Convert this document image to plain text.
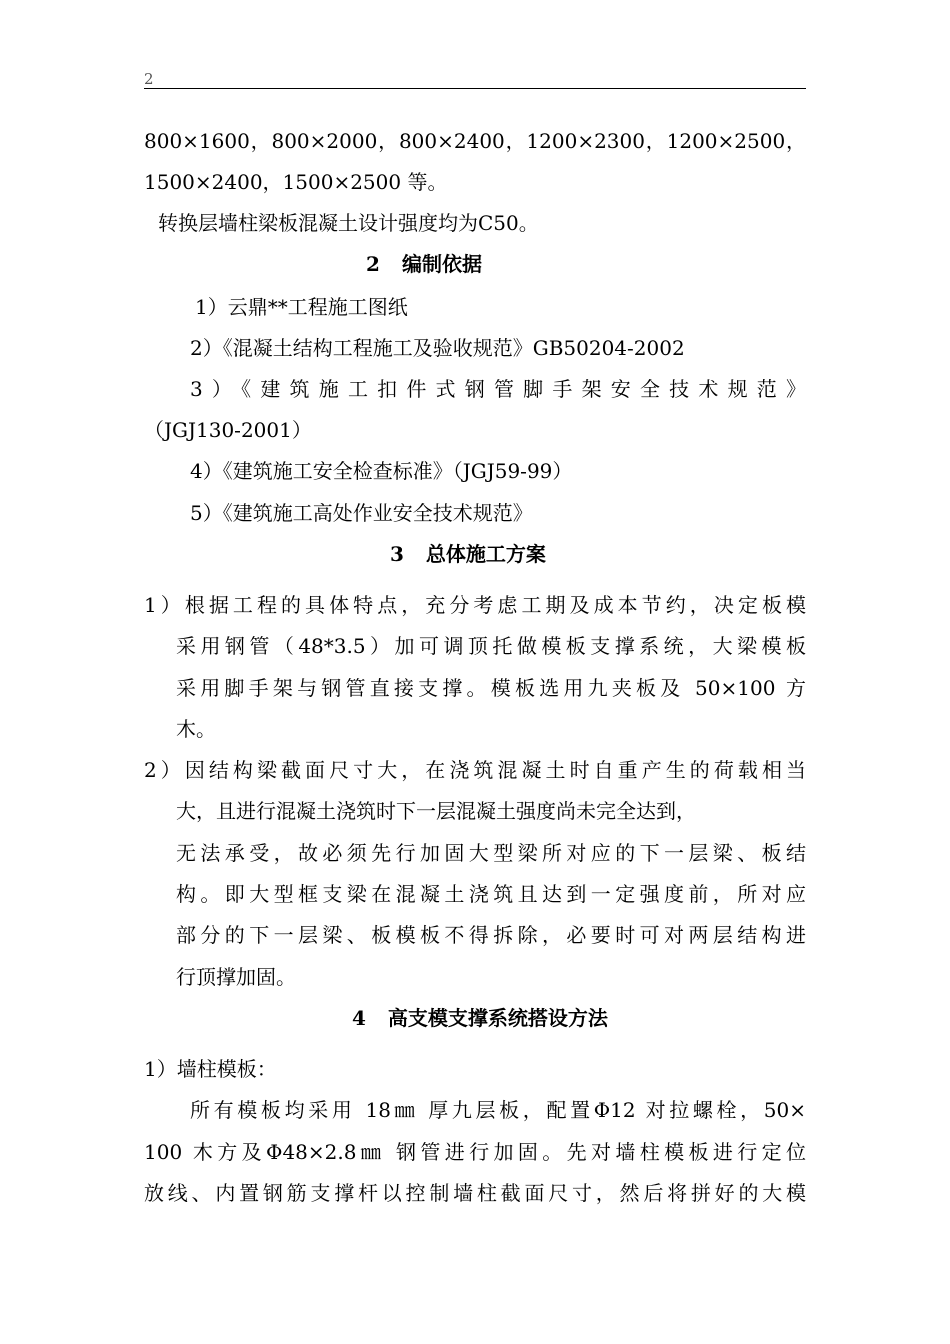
2
800×1600，800×2000，800×2400，1200×2300，1200×2500，
1500×2400，1500×2500 等。
转换层墙柱梁板混凝土设计强度均为C50。
2 编制依据
1）云鼎**工程施工图纸
2）《混凝土结构工程施工及验收规范》GB50204-2002
3）《建筑施工扣件式钢管脚手架安全技术规范》
（JGJ130-2001）
4）《建筑施工安全检查标准》（JGJ59-99）
5）《建筑施工高处作业安全技术规范》
3 总体施工方案
1）根据工程的具体特点，充分考虑工期及成本节约，决定板模
采用钢管（48*3.5）加可调顶托做模板支撑系统，大梁模板
采用脚手架与钢管直接支撑。模板选用九夹板及 50×100 方
木。
2）因结构梁截面尺寸大，在浇筑混凝土时自重产生的荷载相当
大，且进行混凝土浇筑时下一层混凝土强度尚未完全达到，
无法承受，故必须先行加固大型梁所对应的下一层梁、板结
构。即大型框支梁在混凝土浇筑且达到一定强度前，所对应
部分的下一层梁、板模板不得拆除，必要时可对两层结构进
行顶撑加固。
4 高支模支撑系统搭设方法
1）墙柱模板：
所有模板均采用 18㎜ 厚九层板，配置Φ12 对拉螺栓，50×
100 木方及Φ48×2.8㎜ 钢管进行加固。先对墙柱模板进行定位
放线、内置钢筋支撑杆以控制墙柱截面尺寸，然后将拼好的大模
